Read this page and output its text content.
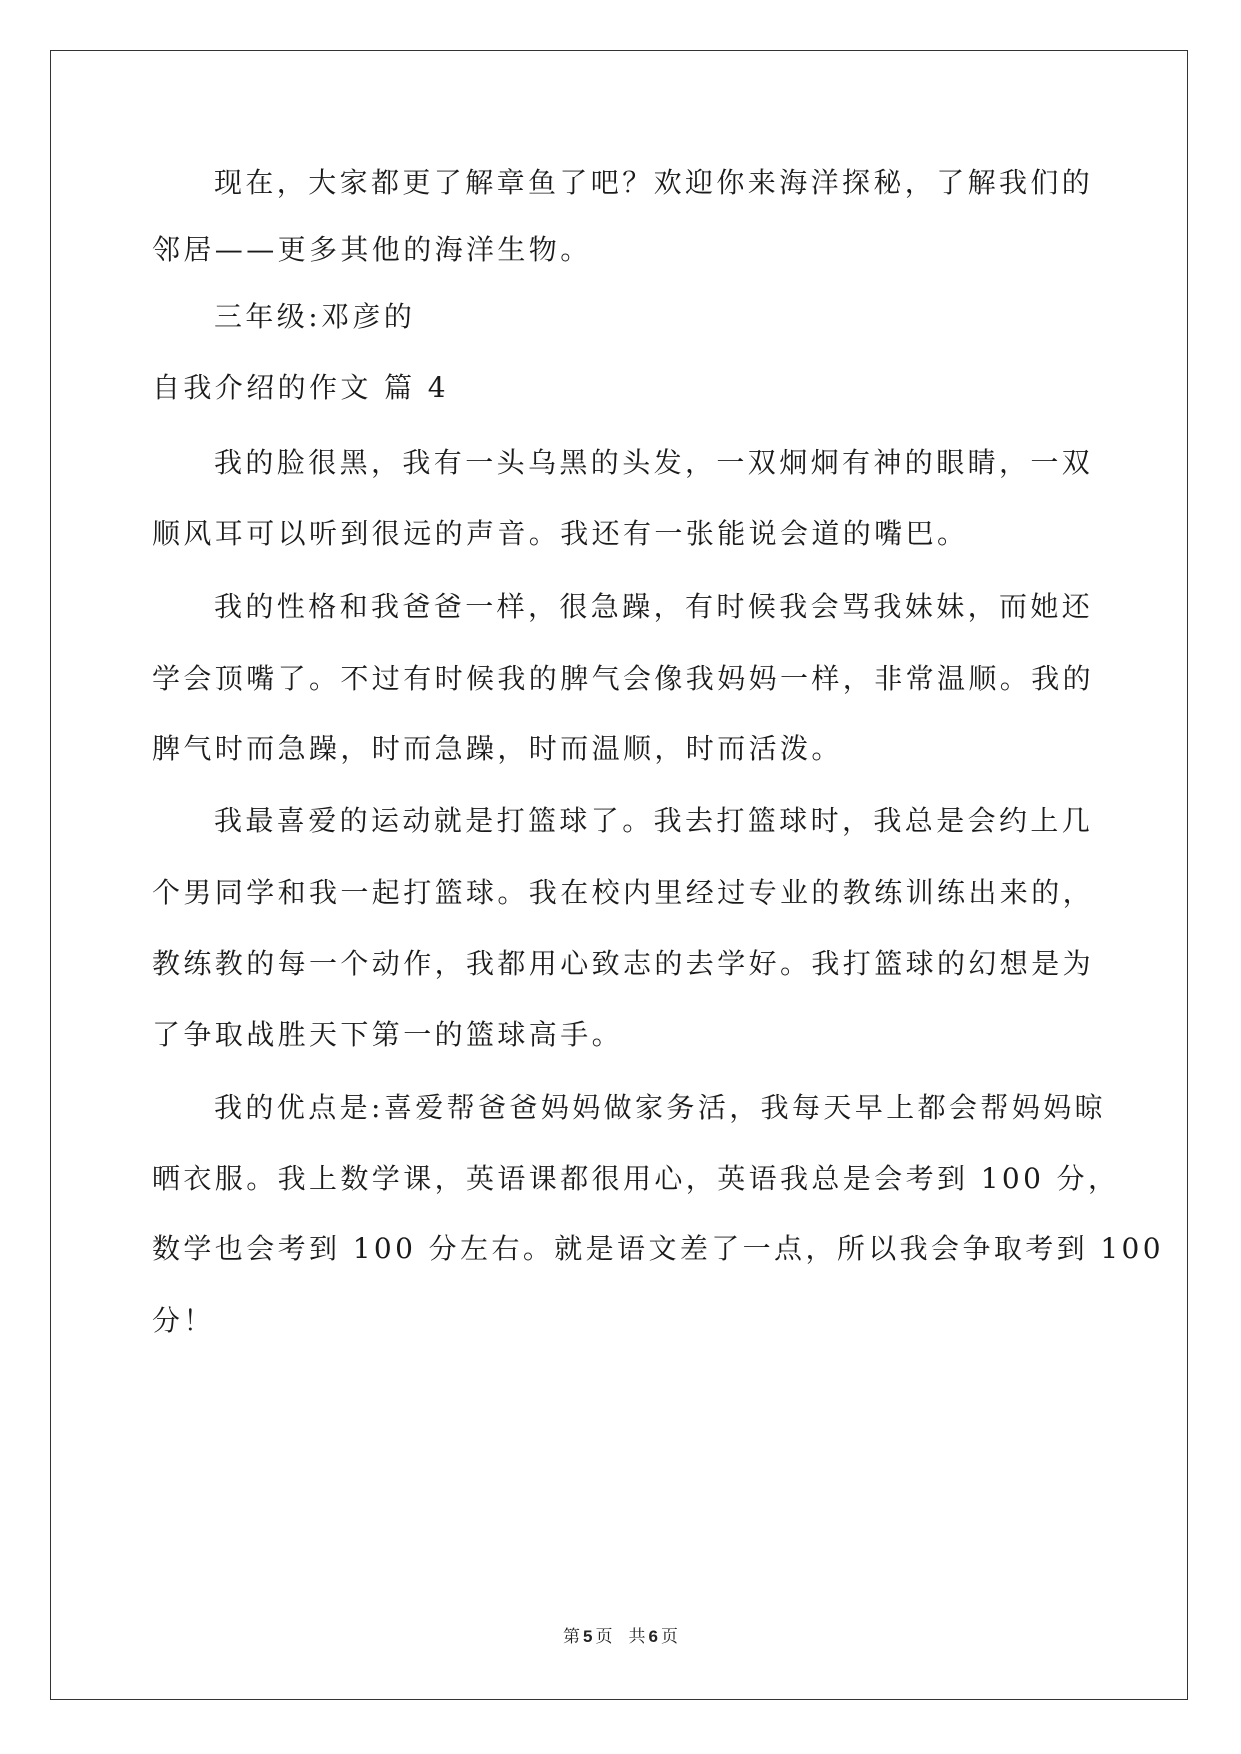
现在，大家都更了解章鱼了吧？欢迎你来海洋探秘，了解我们的
邻居——更多其他的海洋生物。
三年级:邓彦的
自我介绍的作文 篇 4
我的脸很黑，我有一头乌黑的头发，一双炯炯有神的眼睛，一双
顺风耳可以听到很远的声音。我还有一张能说会道的嘴巴。
我的性格和我爸爸一样，很急躁，有时候我会骂我妹妹，而她还
学会顶嘴了。不过有时候我的脾气会像我妈妈一样，非常温顺。我的
脾气时而急躁，时而急躁，时而温顺，时而活泼。
我最喜爱的运动就是打篮球了。我去打篮球时，我总是会约上几
个男同学和我一起打篮球。我在校内里经过专业的教练训练出来的，
教练教的每一个动作，我都用心致志的去学好。我打篮球的幻想是为
了争取战胜天下第一的篮球高手。
我的优点是:喜爱帮爸爸妈妈做家务活，我每天早上都会帮妈妈晾
晒衣服。我上数学课，英语课都很用心，英语我总是会考到 100 分，
数学也会考到 100 分左右。就是语文差了一点，所以我会争取考到 100
分！
第 5 页 共 6 页
